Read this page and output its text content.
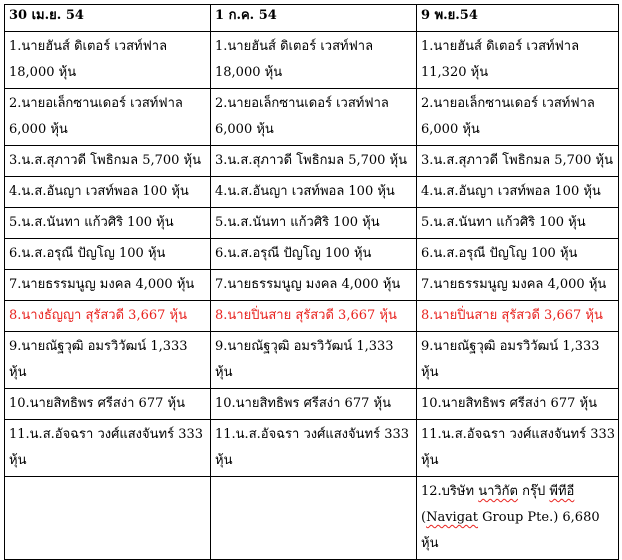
30 เม.ย. 54	1 ก.ค. 54	9 พ.ย.54
1.นายฮันส์ ดิเตอร์ เวสท์ฟาล 18,000 หุ้น	1.นายฮันส์ ดิเตอร์ เวสท์ฟาล 18,000 หุ้น	1.นายฮันส์ ดิเตอร์ เวสท์ฟาล 11,320 หุ้น
2.นายอเล็กซานเดอร์ เวสท์ฟาล 6,000 หุ้น	2.นายอเล็กซานเดอร์ เวสท์ฟาล 6,000 หุ้น	2.นายอเล็กซานเดอร์ เวสท์ฟาล 6,000 หุ้น
3.น.ส.สุภาวดี โพธิกมล 5,700 หุ้น	3.น.ส.สุภาวดี โพธิกมล 5,700 หุ้น	3.น.ส.สุภาวดี โพธิกมล 5,700 หุ้น
4.น.ส.อันญา เวสท์พอล 100 หุ้น	4.น.ส.อันญา เวสท์พอล 100 หุ้น	4.น.ส.อันญา เวสท์พอล 100 หุ้น
5.น.ส.นันทา แก้วศิริ 100 หุ้น	5.น.ส.นันทา แก้วศิริ 100 หุ้น	5.น.ส.นันทา แก้วศิริ 100 หุ้น
6.น.ส.อรุณี ปัญโญ 100 หุ้น	6.น.ส.อรุณี ปัญโญ 100 หุ้น	6.น.ส.อรุณี ปัญโญ 100 หุ้น
7.นายธรรมนูญ มงคล 4,000 หุ้น	7.นายธรรมนูญ มงคล 4,000 หุ้น	7.นายธรรมนูญ มงคล 4,000 หุ้น
8.นางธัญญา สุรัสวดี 3,667 หุ้น	8.นายปิ่นสาย สุรัสวดี 3,667 หุ้น	8.นายปิ่นสาย สุรัสวดี 3,667 หุ้น
9.นายณัฐวุฒิ อมรวิวัฒน์ 1,333 หุ้น	9.นายณัฐวุฒิ อมรวิวัฒน์ 1,333 หุ้น	9.นายณัฐวุฒิ อมรวิวัฒน์ 1,333 หุ้น
10.นายสิทธิพร ศรีสง่า 677 หุ้น	10.นายสิทธิพร ศรีสง่า 677 หุ้น	10.นายสิทธิพร ศรีสง่า 677 หุ้น
11.น.ส.อัจฉรา วงศ์แสงจันทร์ 333 หุ้น	11.น.ส.อัจฉรา วงศ์แสงจันทร์ 333 หุ้น	11.น.ส.อัจฉรา วงศ์แสงจันทร์ 333 หุ้น
		12.บริษัท นาวิกัต กรุ๊ป พีทีอี
(Navigat Group Pte.) 6,680 หุ้น
